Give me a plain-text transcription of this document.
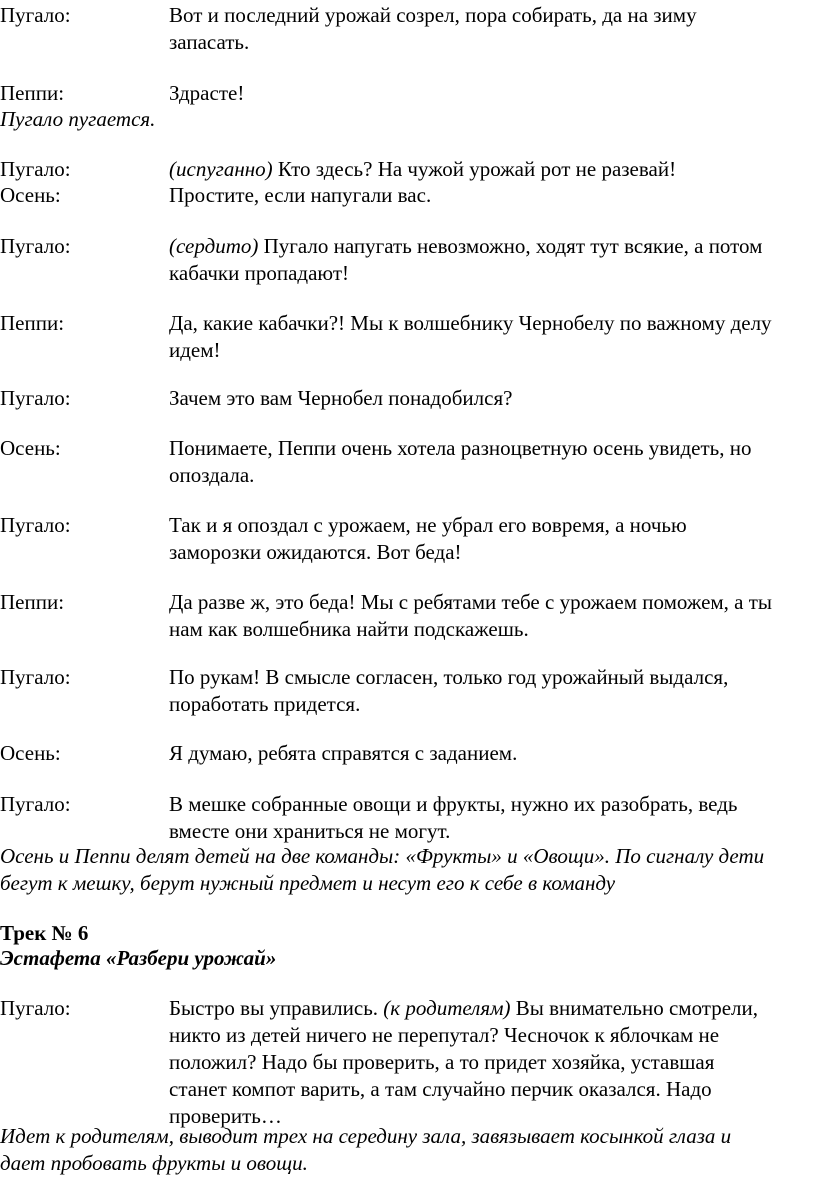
Пугало:	Вот и последний урожай созрел, пора собирать, да на зиму
запасать.
Пеппи:	Здрасте!
Пугало пугается.
Пугало:	(испуганно) Кто здесь? На чужой урожай рот не разевай!
Осень:	Простите, если напугали вас.
Пугало:	(сердито) Пугало напугать невозможно, ходят тут всякие, а потом
кабачки пропадают!
Пеппи:	Да, какие кабачки?! Мы к волшебнику Чернобелу по важному делу
идем!
Пугало:	Зачем это вам Чернобел понадобился?
Осень:	Понимаете, Пеппи очень хотела разноцветную осень увидеть, но
опоздала.
Пугало:	Так и я опоздал с урожаем, не убрал его вовремя, а ночью
заморозки ожидаются. Вот беда!
Пеппи:	Да разве ж, это беда! Мы с ребятами тебе с урожаем поможем, а ты
нам как волшебника найти подскажешь.
Пугало:	По рукам! В смысле согласен, только год урожайный выдался,
поработать придется.
Осень:	Я думаю, ребята справятся с заданием.
Пугало:	В мешке собранные овощи и фрукты, нужно их разобрать, ведь
вместе они храниться не могут.
Осень и Пеппи делят детей на две команды: «Фрукты» и «Овощи». По сигналу дети
бегут к мешку, берут нужный предмет и несут его к себе в команду
Трек № 6
Эстафета «Разбери урожай»
Пугало:	Быстро вы управились. (к родителям) Вы внимательно смотрели,
никто из детей ничего не перепутал? Чесночок к яблочкам не
положил? Надо бы проверить, а то придет хозяйка, уставшая
станет компот варить, а там случайно перчик оказался. Надо
проверить…
Идет к родителям, выводит трех на середину зала, завязывает косынкой глаза и
дает пробовать фрукты и овощи.
